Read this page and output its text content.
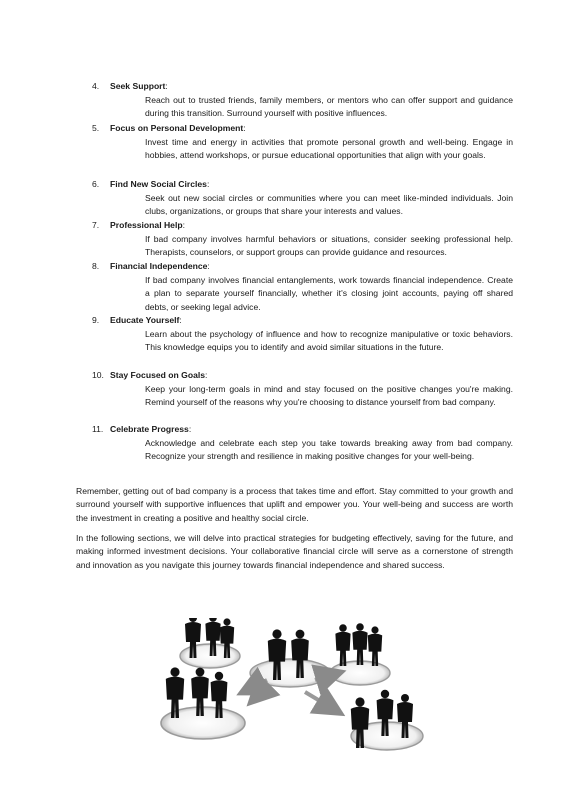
4. Seek Support:
Reach out to trusted friends, family members, or mentors who can offer support and guidance during this transition. Surround yourself with positive influences.
5. Focus on Personal Development:
Invest time and energy in activities that promote personal growth and well-being. Engage in hobbies, attend workshops, or pursue educational opportunities that align with your goals.
6. Find New Social Circles:
Seek out new social circles or communities where you can meet like-minded individuals. Join clubs, organizations, or groups that share your interests and values.
7. Professional Help:
If bad company involves harmful behaviors or situations, consider seeking professional help. Therapists, counselors, or support groups can provide guidance and resources.
8. Financial Independence:
If bad company involves financial entanglements, work towards financial independence. Create a plan to separate yourself financially, whether it's closing joint accounts, paying off shared debts, or seeking legal advice.
9. Educate Yourself:
Learn about the psychology of influence and how to recognize manipulative or toxic behaviors. This knowledge equips you to identify and avoid similar situations in the future.
10. Stay Focused on Goals:
Keep your long-term goals in mind and stay focused on the positive changes you're making. Remind yourself of the reasons why you're choosing to distance yourself from bad company.
11. Celebrate Progress:
Acknowledge and celebrate each step you take towards breaking away from bad company. Recognize your strength and resilience in making positive changes for your well-being.
Remember, getting out of bad company is a process that takes time and effort. Stay committed to your growth and surround yourself with supportive influences that uplift and empower you. Your well-being and success are worth the investment in creating a positive and healthy social circle.
In the following sections, we will delve into practical strategies for budgeting effectively, saving for the future, and making informed investment decisions. Your collaborative financial circle will serve as a cornerstone of strength and innovation as you navigate this journey towards financial independence and shared success.
